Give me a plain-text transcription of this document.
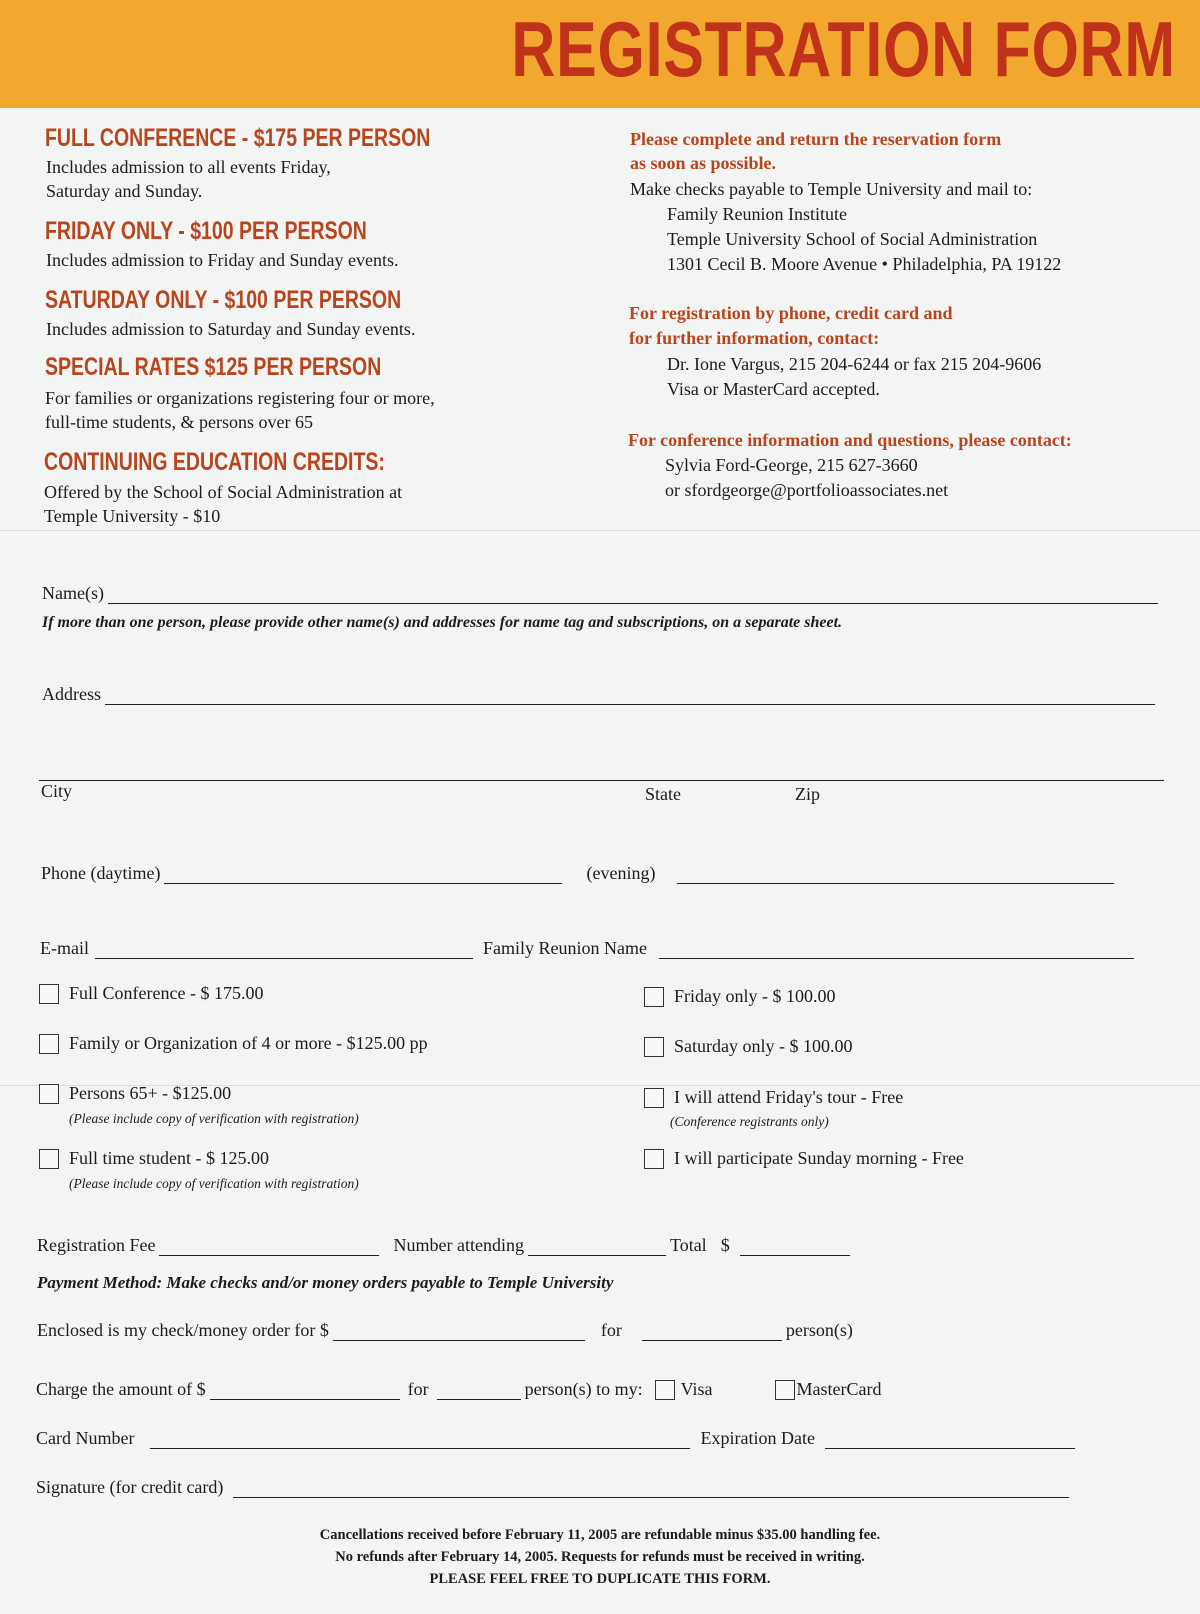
REGISTRATION FORM
FULL CONFERENCE - $175 PER PERSON
Includes admission to all events Friday,
Saturday and Sunday.
FRIDAY ONLY - $100 PER PERSON
Includes admission to Friday and Sunday events.
SATURDAY ONLY - $100 PER PERSON
Includes admission to Saturday and Sunday events.
SPECIAL RATES $125 PER PERSON
For families or organizations registering four or more,
full-time students, & persons over 65
CONTINUING EDUCATION CREDITS:
Offered by the School of Social Administration at
Temple University - $10
Please complete and return the reservation form
as soon as possible.
Make checks payable to Temple University and mail to:
Family Reunion Institute
Temple University School of Social Administration
1301 Cecil B. Moore Avenue • Philadelphia, PA 19122
For registration by phone, credit card and
for further information, contact:
Dr. Ione Vargus, 215 204-6244 or fax 215 204-9606
Visa or MasterCard accepted.
For conference information and questions, please contact:
Sylvia Ford-George, 215 627-3660
or sfordgeorge@portfolioassociates.net
Name(s)
If more than one person, please provide other name(s) and addresses for name tag and subscriptions, on a separate sheet.
Address
City	State	Zip
Phone (daytime)	(evening)
E-mail	Family Reunion Name
Full Conference - $ 175.00
Family or Organization of 4 or more - $125.00 pp
Persons 65+ - $125.00
(Please include copy of verification with registration)
Full time student - $ 125.00
(Please include copy of verification with registration)
Friday only - $ 100.00
Saturday only - $ 100.00
I will attend Friday's tour - Free
(Conference registrants only)
I will participate Sunday morning - Free
Registration Fee	Number attending	Total $
Payment Method: Make checks and/or money orders payable to Temple University
Enclosed is my check/money order for $	for	person(s)
Charge the amount of $	for	person(s) to my: Visa	MasterCard
Card Number	Expiration Date
Signature (for credit card)
Cancellations received before February 11, 2005 are refundable minus $35.00 handling fee.
No refunds after February 14, 2005. Requests for refunds must be received in writing.
PLEASE FEEL FREE TO DUPLICATE THIS FORM.
